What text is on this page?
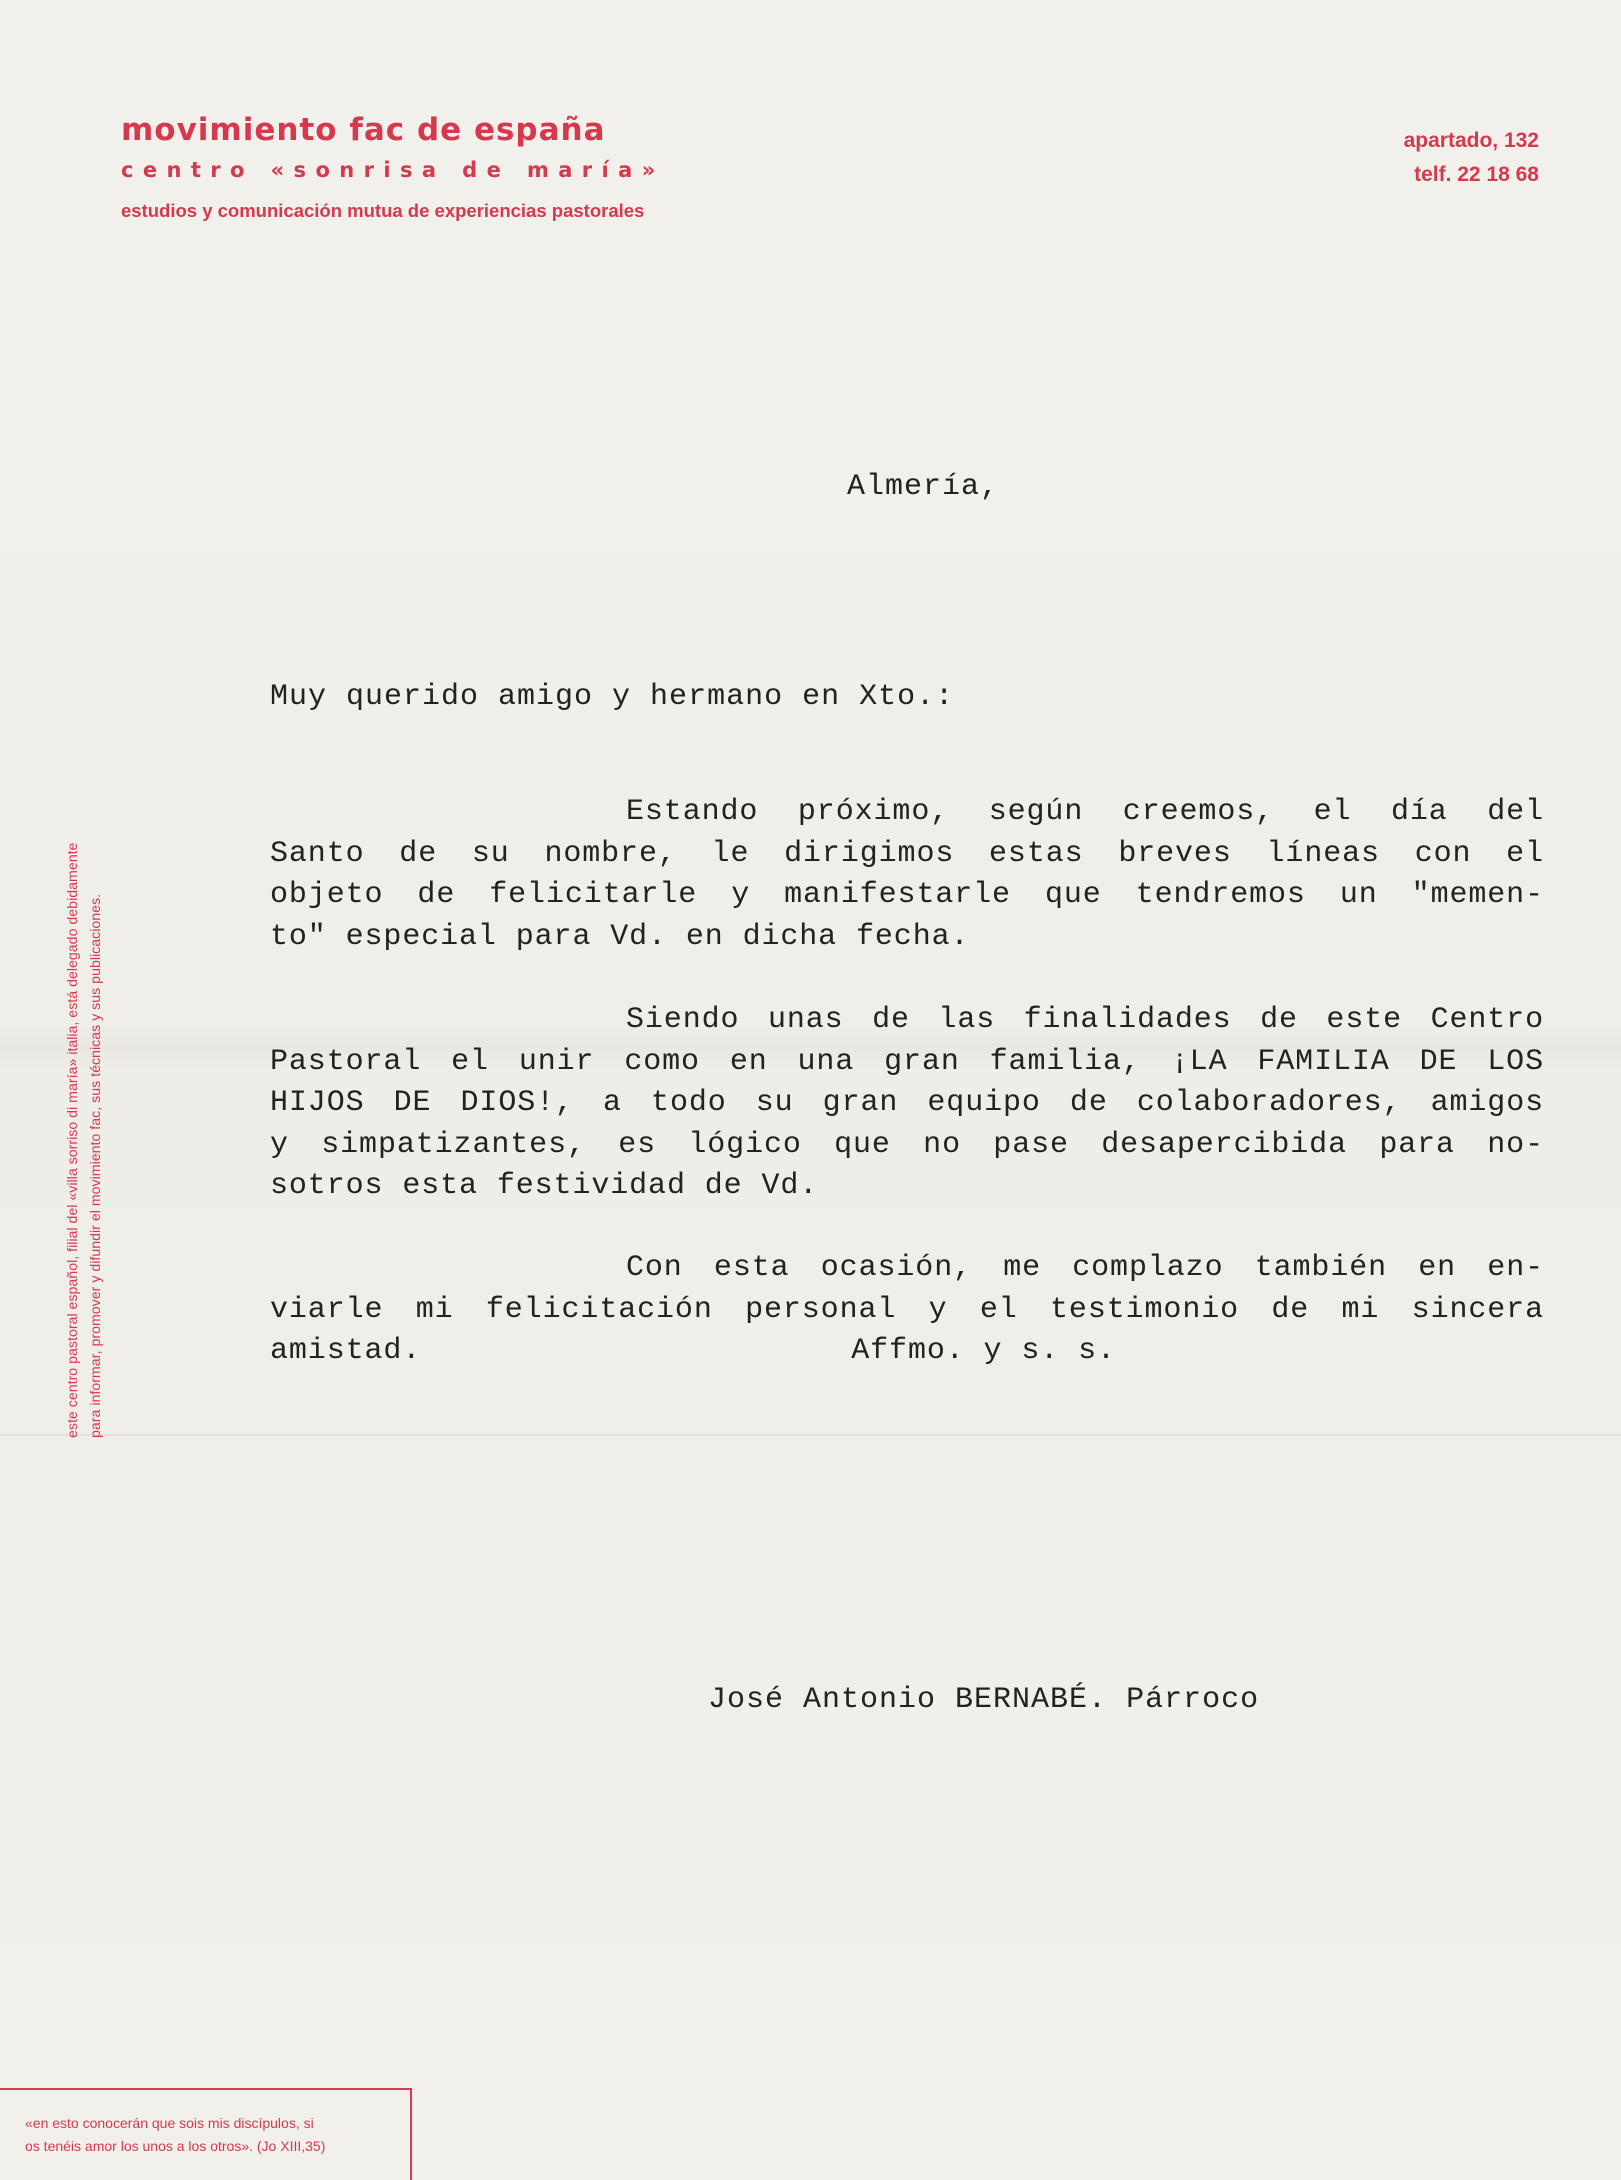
movimiento fac de españa
centro «sonrisa de maría»
estudios y comunicación mutua de experiencias pastorales
apartado, 132
telf. 22 18 68
este centro pastoral español, filial del «villa sorriso di maría» italia, está delegado debidamente para informar, promover y difundir el movimiento fac, sus técnicas y sus publicaciones.
Almería,
Muy querido amigo y hermano en Xto.:
Estando próximo, según creemos, el día del
Santo de su nombre, le dirigimos estas breves líneas con el
objeto de felicitarle y manifestarle que tendremos un "memen-
to" especial para Vd. en dicha fecha.
Siendo unas de las finalidades de este Centro
Pastoral el unir como en una gran familia, ¡LA FAMILIA DE LOS
HIJOS DE DIOS!, a todo su gran equipo de colaboradores, amigos
y simpatizantes, es lógico que no pase desapercibida para no-
sotros esta festividad de Vd.
Con esta ocasión, me complazo también en en-
viarle mi felicitación personal y el testimonio de mi sincera
amistad.	Affmo. y s. s.
José Antonio BERNABÉ. Párroco
«en esto conocerán que sois mis discípulos, si
os tenéis amor los unos a los otros». (Jo XIII,35)
